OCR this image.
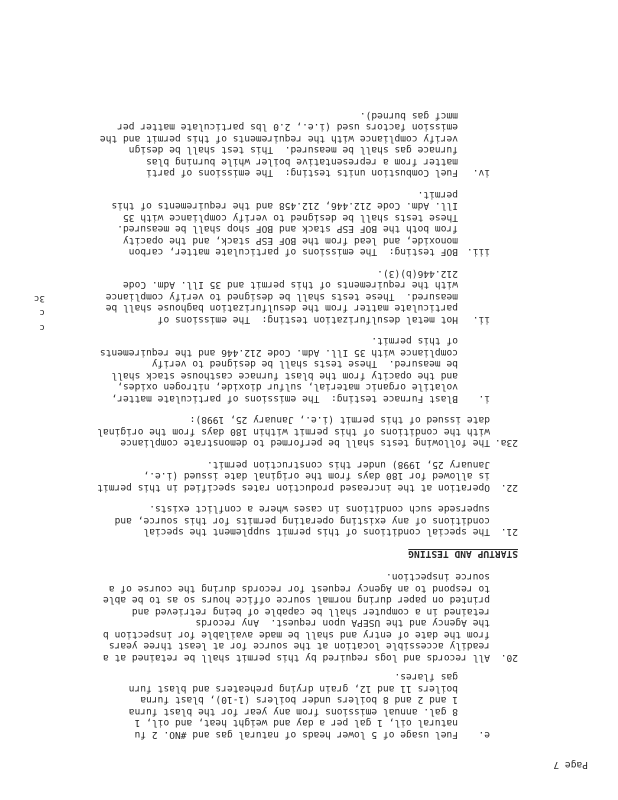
Page 7
e.
Fuel usage of 5 lower heads of natural gas and #NO. 2 fu
natural oil, 1 gal per a day and weight heat, and oil, 1
8 gal. annual emissions from any year for the blast furna
1 and 2 and 8 boilers under boilers (1-10), blast furna
boilers 11 and 12, grain drying preheaters and blast furn
gas flares.
20.
All records and logs required by this permit shall be retained at a
readily accessible location at the source for at least three years
from the date of entry and shall be made available for inspection b
the Agency and the USEPA upon request.  Any records
retained in a computer shall be capable of being retrieved and
printed on paper during normal source office hours so as to be able
to respond to an Agency request for records during the course of a
source inspection.
STARTUP AND TESTING
21.
The special conditions of this permit supplement the special
conditions of any existing operating permits for this source, and
supersede such conditions in cases where a conflict exists.
22.
Operation at the increased production rates specified in this permit
is allowed for 180 days from the original date issued (i.e.,
January 25, 1998) under this construction permit.
23a.
The following tests shall be performed to demonstrate compliance
with the conditions of this permit within 180 days from the original
date issued of this permit (i.e., January 25, 1998):
i.
Blast Furnace testing:  The emissions of particulate matter,
volatile organic material, sulfur dioxide, nitrogen oxides,
and the opacity from the blast furnace casthouse stack shall
be measured.  These tests shall be designed to verify
compliance with 35 Ill. Adm. Code 212.446 and the requirements
of this permit.
ii.
Hot metal desulfurization testing:  The emissions of
particulate matter from the desulfurization baghouse shall be
measured.  These tests shall be designed to verify compliance
with the requirements of this permit and 35 Ill. Adm. Code
212.446(b)(3).
iii.
BOF testing:  The emissions of particulate matter, carbon
monoxide, and lead from the BOF ESP stack, and the opacity
from both the BOF ESP stack and BOF shop shall be measured.
These tests shall be designed to verify compliance with 35
Ill. Adm. Code 212.446, 212.458 and the requirements of this
permit.
iv.
Fuel Combustion units testing:  The emissions of parti
matter from a representative boiler while burning blas
furnace gas shall be measured.  This test shall be design
verify compliance with the requirements of this permit and the
emission factors used (i.e., 2.0 lbs particulate matter per
mmcf gas burned).
c
c
3c
